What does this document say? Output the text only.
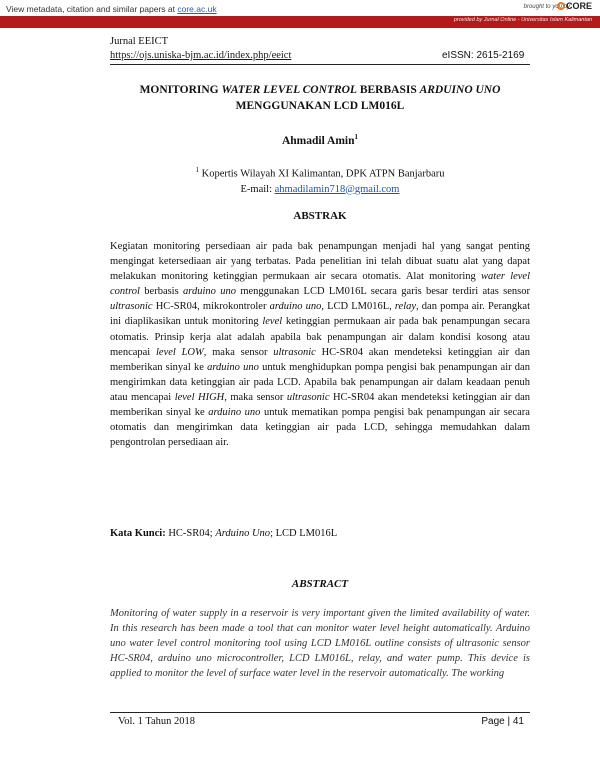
View metadata, citation and similar papers at core.ac.uk	brought to you by
CORE
provided by Jurnal Online - Universitas Islam Kalimantan
Jurnal EEICT
https://ojs.uniska-bjm.ac.id/index.php/eeict	eISSN: 2615-2169
MONITORING WATER LEVEL CONTROL BERBASIS ARDUINO UNO
MENGGUNAKAN LCD LM016L
Ahmadil Amin$^1$
$^1$ Kopertis Wilayah XI Kalimantan, DPK ATPN Banjarbaru
E-mail: ahmadilamin718@gmail.com
ABSTRAK
Kegiatan monitoring persediaan air pada bak penampungan menjadi hal yang sangat penting mengingat ketersediaan air yang terbatas. Pada penelitian ini telah dibuat suatu alat yang dapat melakukan monitoring ketinggian permukaan air secara otomatis. Alat monitoring water level control berbasis arduino uno menggunakan LCD LM016L secara garis besar terdiri atas sensor ultrasonic HC-SR04, mikrokontroler arduino uno, LCD LM016L, relay, dan pompa air. Perangkat ini diaplikasikan untuk monitoring level ketinggian permukaan air pada bak penampungan secara otomatis. Prinsip kerja alat adalah apabila bak penampungan air dalam kondisi kosong atau mencapai level LOW, maka sensor ultrasonic HC-SR04 akan mendeteksi ketinggian air dan memberikan sinyal ke arduino uno untuk menghidupkan pompa pengisi bak penampungan air dan mengirimkan data ketinggian air pada LCD. Apabila bak penampungan air dalam keadaan penuh atau mencapai level HIGH, maka sensor ultrasonic HC-SR04 akan mendeteksi ketinggian air dan memberikan sinyal ke arduino uno untuk mematikan pompa pengisi bak penampungan air secara otomatis dan mengirimkan data ketinggian air pada LCD, sehingga memudahkan dalam pengontrolan persediaan air.
Kata Kunci: HC-SR04; Arduino Uno; LCD LM016L
ABSTRACT
Monitoring of water supply in a reservoir is very important given the limited availability of water. In this research has been made a tool that can monitor water level height automatically. Arduino uno water level control monitoring tool using LCD LM016L outline consists of ultrasonic sensor HC-SR04, arduino uno microcontroller, LCD LM016L, relay, and water pump. This device is applied to monitor the level of surface water level in the reservoir automatically. The working
Vol. 1 Tahun 2018	Page | 41
